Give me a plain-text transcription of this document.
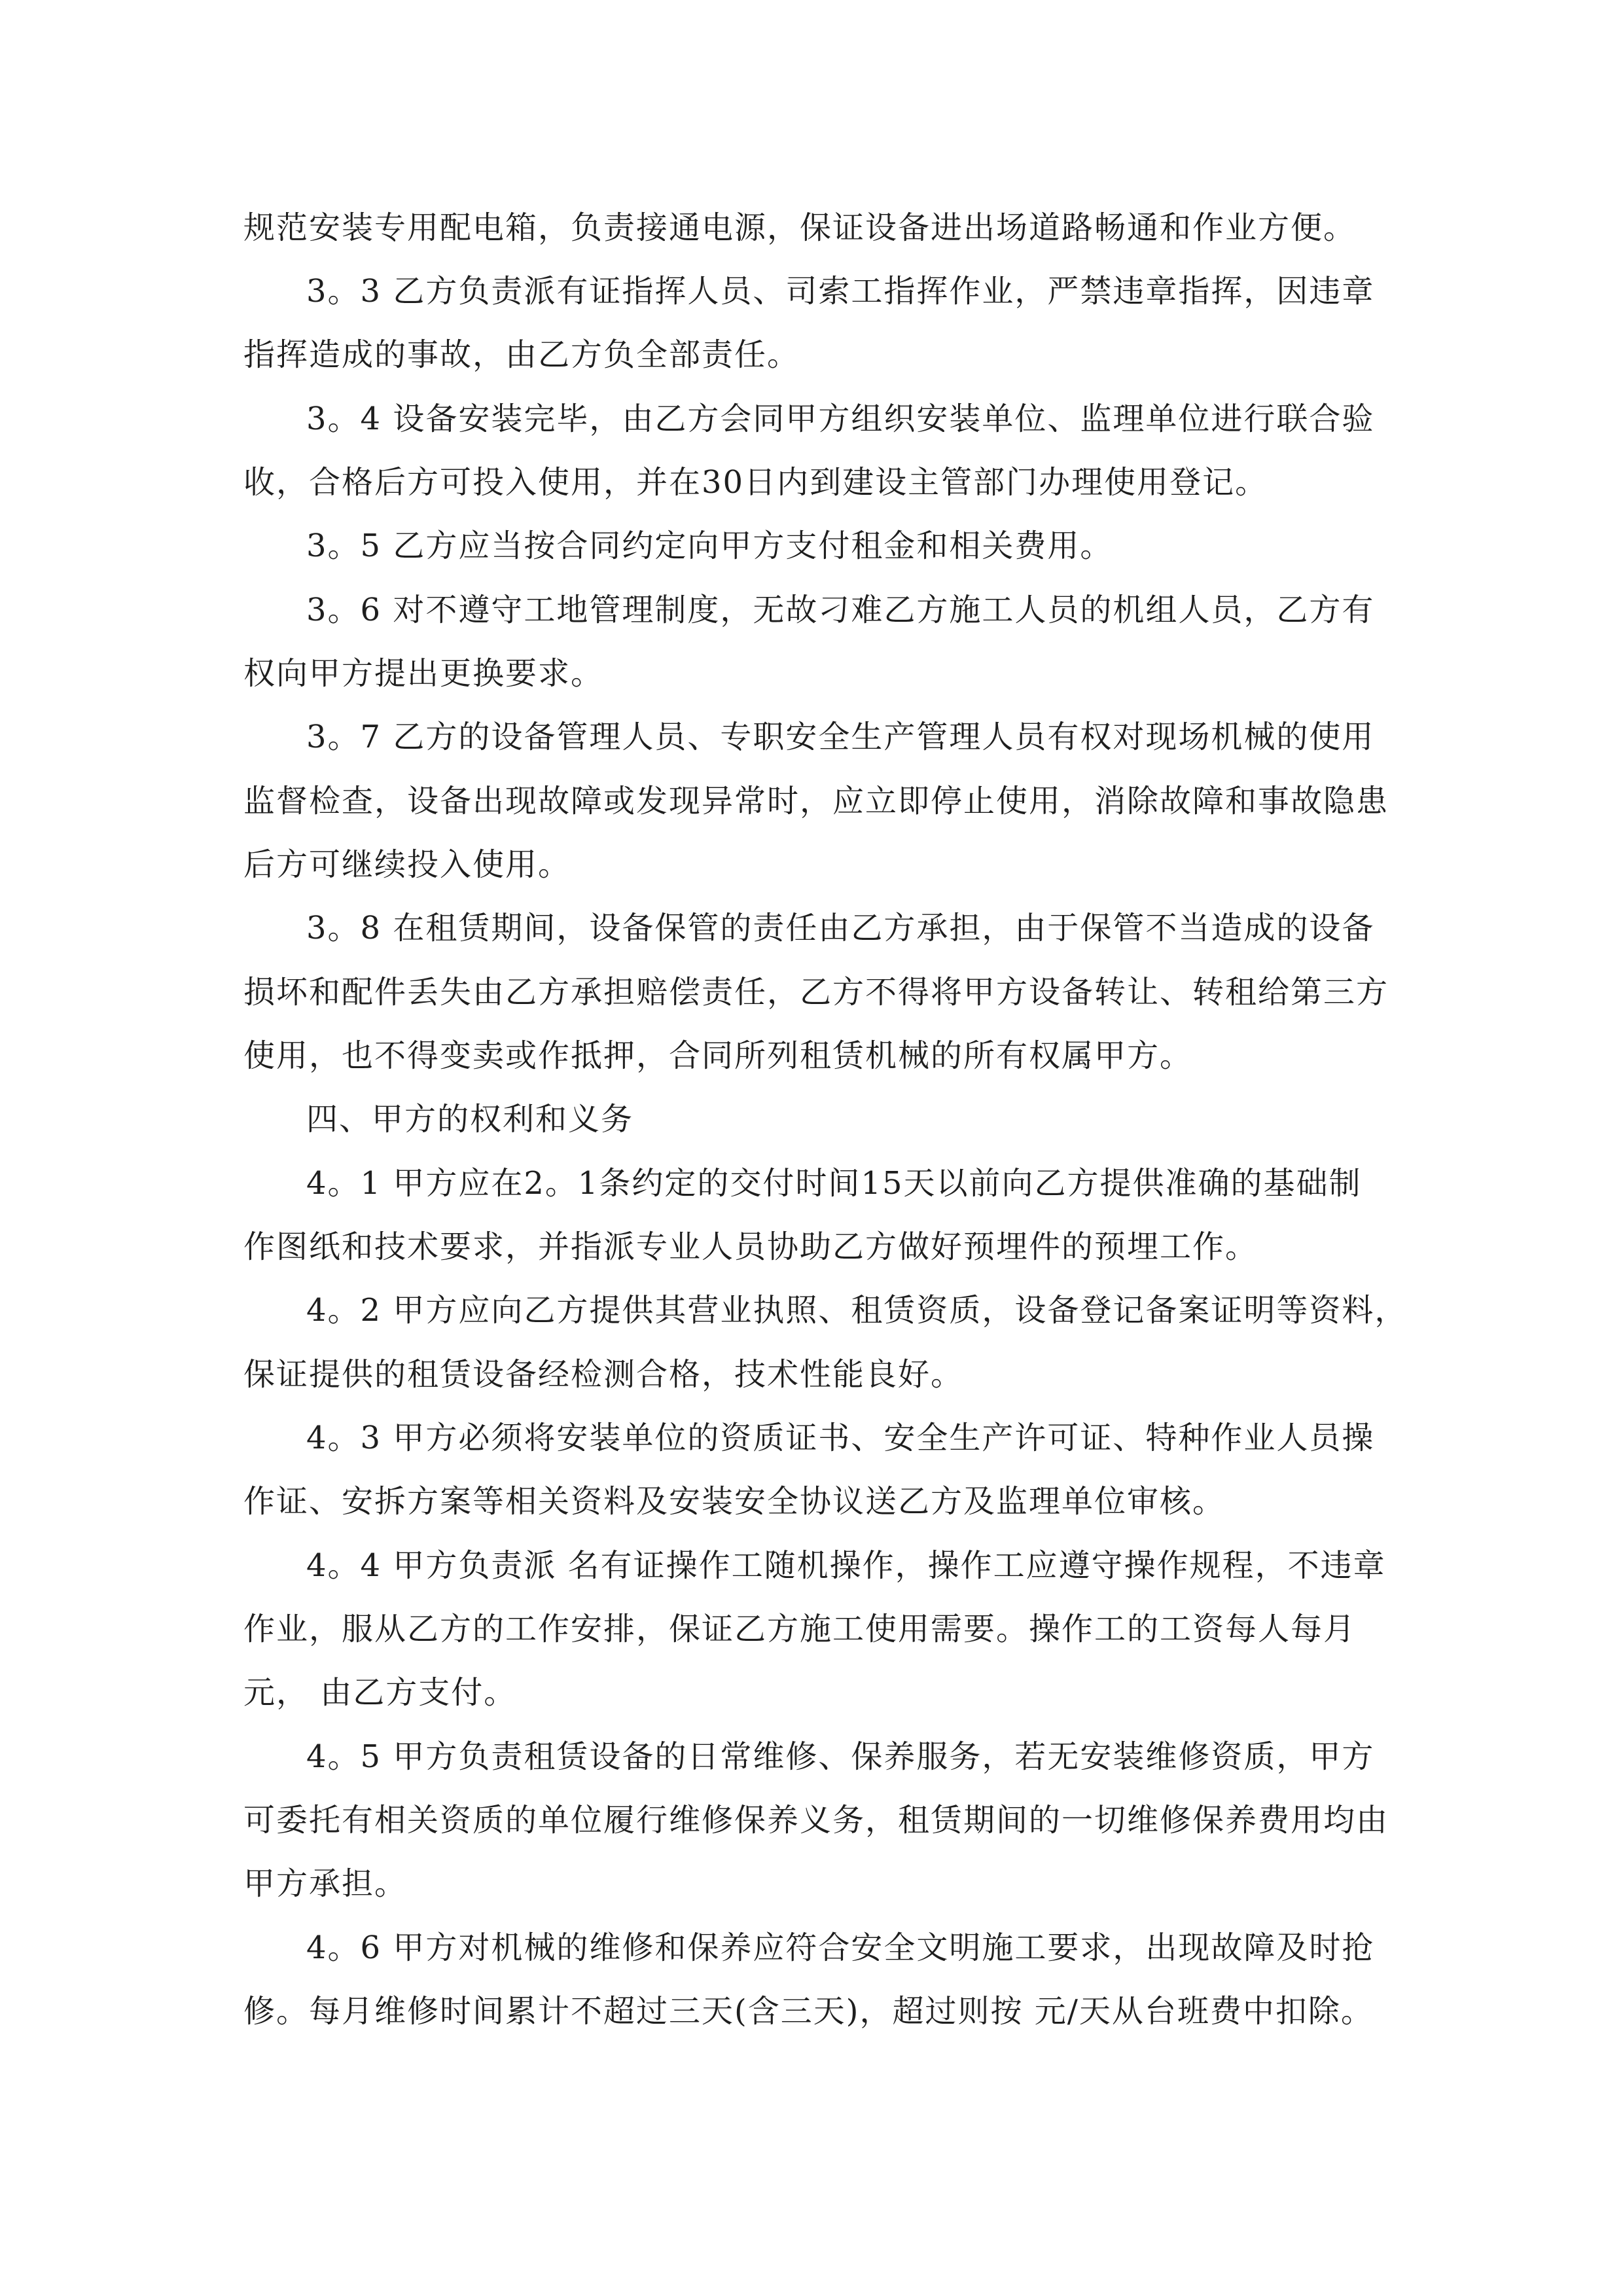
规范安装专用配电箱，负责接通电源，保证设备进出场道路畅通和作业方便。
3。3 乙方负责派有证指挥人员、司索工指挥作业，严禁违章指挥，因违章
指挥造成的事故，由乙方负全部责任。
3。4 设备安装完毕，由乙方会同甲方组织安装单位、监理单位进行联合验
收，合格后方可投入使用，并在30日内到建设主管部门办理使用登记。
3。5 乙方应当按合同约定向甲方支付租金和相关费用。
3。6 对不遵守工地管理制度，无故刁难乙方施工人员的机组人员，乙方有
权向甲方提出更换要求。
3。7 乙方的设备管理人员、专职安全生产管理人员有权对现场机械的使用
监督检查，设备出现故障或发现异常时，应立即停止使用，消除故障和事故隐患
后方可继续投入使用。
3。8 在租赁期间，设备保管的责任由乙方承担，由于保管不当造成的设备
损坏和配件丢失由乙方承担赔偿责任，乙方不得将甲方设备转让、转租给第三方
使用，也不得变卖或作抵押，合同所列租赁机械的所有权属甲方。
四、甲方的权利和义务
4。1 甲方应在2。1条约定的交付时间15天以前向乙方提供准确的基础制
作图纸和技术要求，并指派专业人员协助乙方做好预埋件的预埋工作。
4。2 甲方应向乙方提供其营业执照、租赁资质，设备登记备案证明等资料，
保证提供的租赁设备经检测合格，技术性能良好。
4。3 甲方必须将安装单位的资质证书、安全生产许可证、特种作业人员操
作证、安拆方案等相关资料及安装安全协议送乙方及监理单位审核。
4。4 甲方负责派 名有证操作工随机操作，操作工应遵守操作规程，不违章
作业，服从乙方的工作安排，保证乙方施工使用需要。操作工的工资每人每月
元， 由乙方支付。
4。5 甲方负责租赁设备的日常维修、保养服务，若无安装维修资质，甲方
可委托有相关资质的单位履行维修保养义务，租赁期间的一切维修保养费用均由
甲方承担。
4。6 甲方对机械的维修和保养应符合安全文明施工要求，出现故障及时抢
修。每月维修时间累计不超过三天(含三天)，超过则按 元/天从台班费中扣除。
